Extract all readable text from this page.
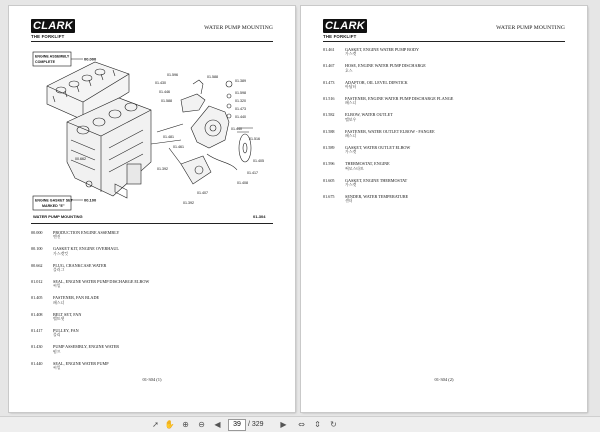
CLARK
THE FORKLIFT
WATER PUMP MOUNTING
ENGINE ASSEMBLY
COMPLETE
00.000
ENGINE GASKET SET
MARKED "E"
00.100
01.596
01.430
01.588
01.389
01.446	01.598
01.588	01.320
01.473
01.440
01.440
01.481	01.516
01.461
01.405
01.417
01.408
01.407
00.662
01.392
01.392
WATER PUMP MOUNTING	01-304
00.000	PRODUCTION ENGINE ASSEMBLY
엔진
00.100	GASKET KIT, ENGINE OVERHAUL
가스켓킷
00.662	PLUG, CRANKCASE WATER
플러그
01.012	SEAL, ENGINE WATER PUMP DISCHARGE ELBOW
씨일
01.405	FASTENER, FAN BLADE
패스너
01.408	BELT SET, FAN
벨트셋
01.417	PULLEY, FAN
풀리
01.430	PUMP ASSEMBLY, ENGINE WATER
펌프
01.440	SEAL, ENGINE WATER PUMP
씨일
01-304 (1)
CLARK
THE FORKLIFT
WATER PUMP MOUNTING
01.461	GASKET, ENGINE WATER PUMP BODY
가스켓
01.467	HOSE, ENGINE WATER PUMP DISCHARGE
호스
01.473	ADAPTOR, OIL LEVEL DIPSTICK
아답터
01.516	FASTENER, ENGINE WATER PUMP DISCHARGE FLANGE
패스너
01.582	ELBOW, WATER OUTLET
엘보우
01.588	FASTENER, WATER OUTLET ELBOW - FANGEE
패스너
01.589	GASKET, WATER OUTLET ELBOW
가스켓
01.596	THERMOSTAT, ENGINE
써모스타트
01.605	GASKET, ENGINE THERMOSTAT
가스켓
01.675	SENDER, WATER TEMPERATURE
센더
01-304 (2)
➚ ✋ ⊕ ⊖	◀	39	/ 329	▶	⇔ ⇕ ↻
